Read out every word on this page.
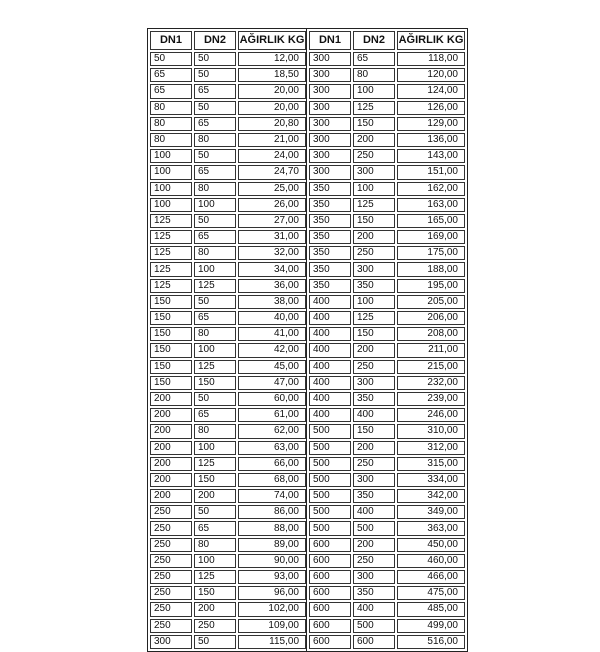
DN1	DN2	AĞIRLIK KG
50	50	12,00
65	50	18,50
65	65	20,00
80	50	20,00
80	65	20,80
80	80	21,00
100	50	24,00
100	65	24,70
100	80	25,00
100	100	26,00
125	50	27,00
125	65	31,00
125	80	32,00
125	100	34,00
125	125	36,00
150	50	38,00
150	65	40,00
150	80	41,00
150	100	42,00
150	125	45,00
150	150	47,00
200	50	60,00
200	65	61,00
200	80	62,00
200	100	63,00
200	125	66,00
200	150	68,00
200	200	74,00
250	50	86,00
250	65	88,00
250	80	89,00
250	100	90,00
250	125	93,00
250	150	96,00
250	200	102,00
250	250	109,00
300	50	115,00
DN1	DN2	AĞIRLIK KG
300	65	118,00
300	80	120,00
300	100	124,00
300	125	126,00
300	150	129,00
300	200	136,00
300	250	143,00
300	300	151,00
350	100	162,00
350	125	163,00
350	150	165,00
350	200	169,00
350	250	175,00
350	300	188,00
350	350	195,00
400	100	205,00
400	125	206,00
400	150	208,00
400	200	211,00
400	250	215,00
400	300	232,00
400	350	239,00
400	400	246,00
500	150	310,00
500	200	312,00
500	250	315,00
500	300	334,00
500	350	342,00
500	400	349,00
500	500	363,00
600	200	450,00
600	250	460,00
600	300	466,00
600	350	475,00
600	400	485,00
600	500	499,00
600	600	516,00
